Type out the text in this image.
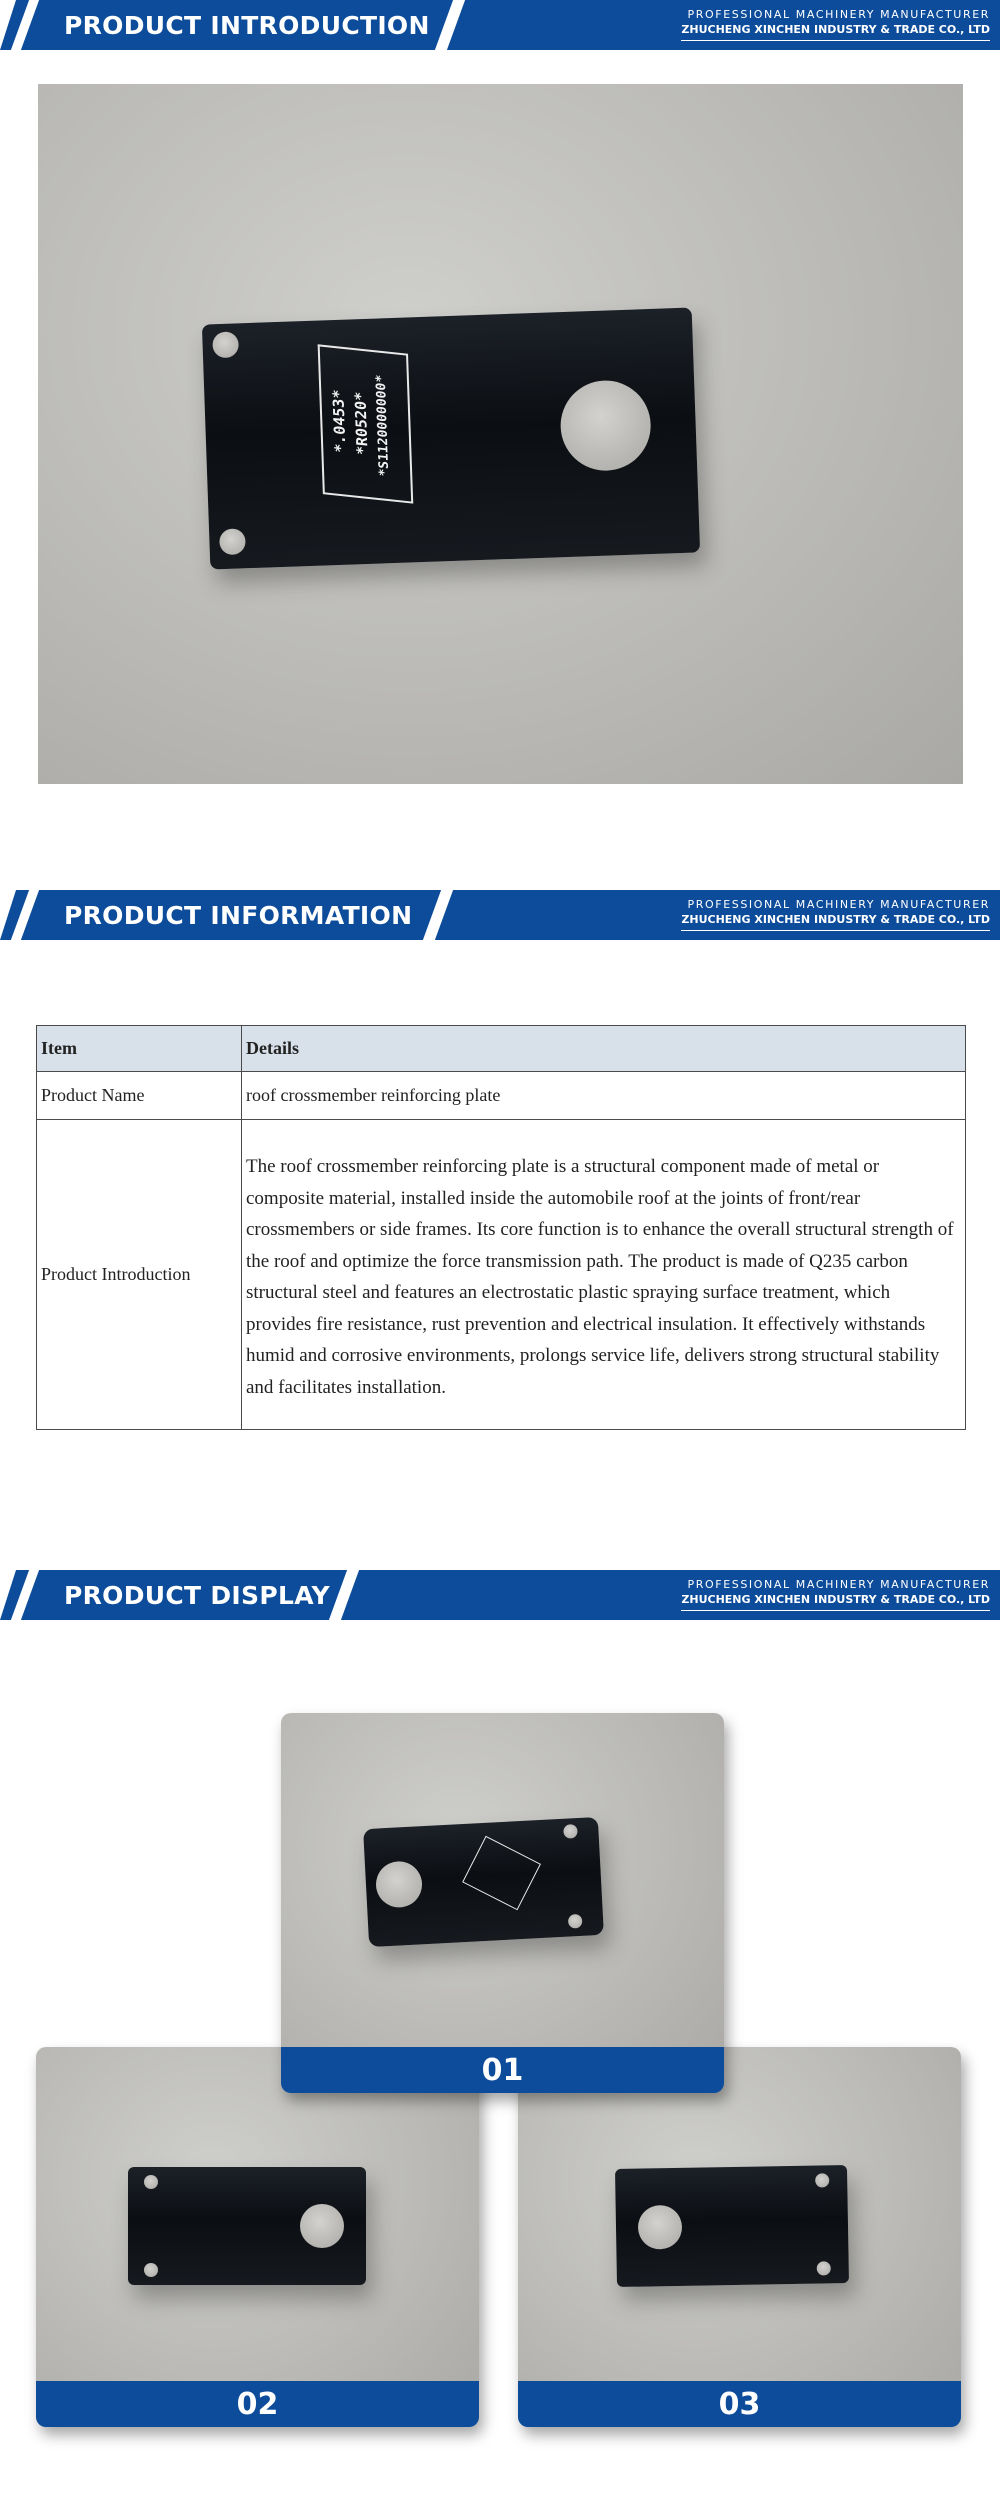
PRODUCT INTRODUCTION	PROFESSIONAL MACHINERY MANUFACTURER
ZHUCHENG XINCHEN INDUSTRY & TRADE CO., LTD
*.0453* *R0520* *S1120000000*
PRODUCT INFORMATION	PROFESSIONAL MACHINERY MANUFACTURER
ZHUCHENG XINCHEN INDUSTRY & TRADE CO., LTD
Item	Details
Product Name	roof crossmember reinforcing plate
Product Introduction	The roof crossmember reinforcing plate is a structural component made of metal or composite material, installed inside the automobile roof at the joints of front/rear crossmembers or side frames. Its core function is to enhance the overall structural strength of the roof and optimize the force transmission path. The product is made of Q235 carbon structural steel and features an electrostatic plastic spraying surface treatment, which provides fire resistance, rust prevention and electrical insulation. It effectively withstands humid and corrosive environments, prolongs service life, delivers strong structural stability and facilitates installation.
PRODUCT DISPLAY	PROFESSIONAL MACHINERY MANUFACTURER
ZHUCHENG XINCHEN INDUSTRY & TRADE CO., LTD
01
02	03
